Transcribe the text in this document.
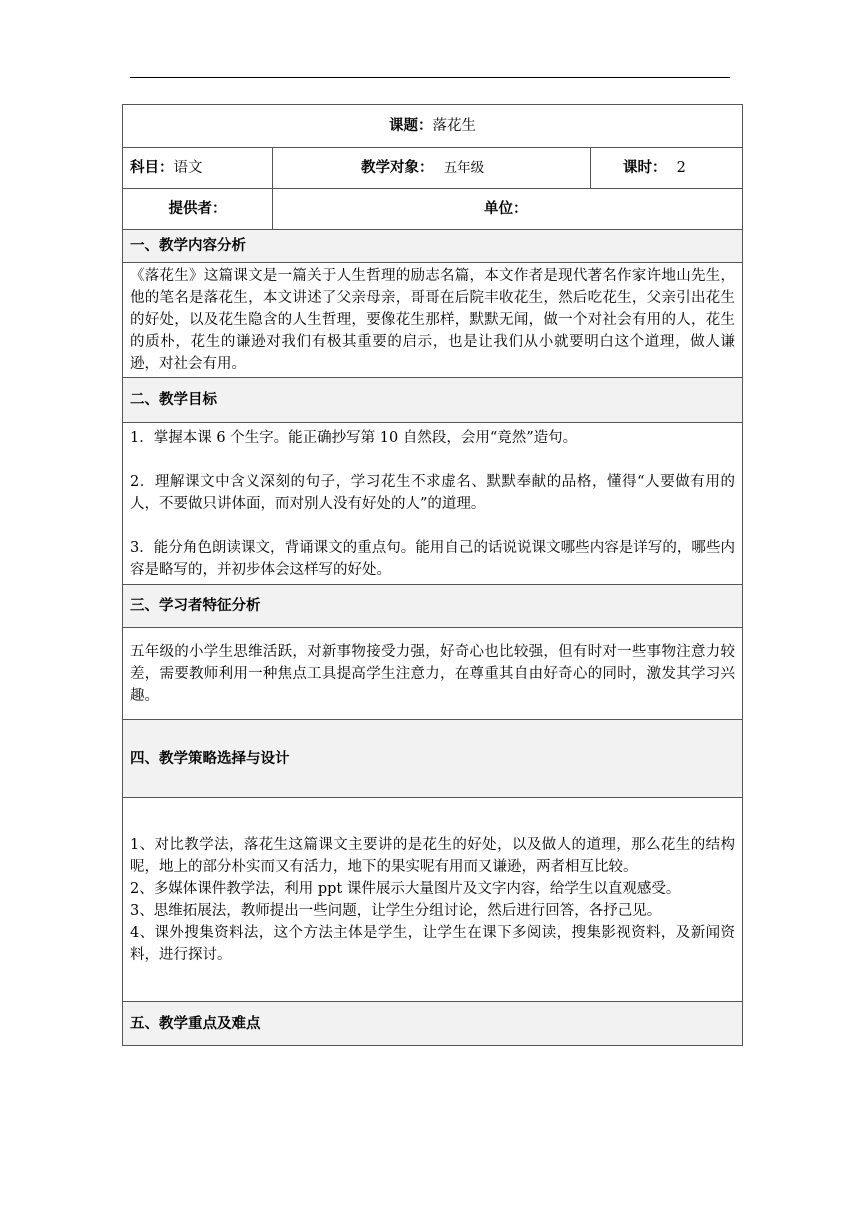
课题：落花生		
科目：语文	教学对象： 五年级	课时： 2
提供者：	单位：	
一、教学内容分析		
《落花生》这篇课文是一篇关于人生哲理的励志名篇，本文作者是现代著名作家许地山先生，他的笔名是落花生，本文讲述了父亲母亲，哥哥在后院丰收花生，然后吃花生，父亲引出花生的好处，以及花生隐含的人生哲理，要像花生那样，默默无闻，做一个对社会有用的人，花生的质朴，花生的谦逊对我们有极其重要的启示，也是让我们从小就要明白这个道理，做人谦逊，对社会有用。		
二、教学目标		

1．掌握本课 6 个生字。能正确抄写第 10 自然段，会用“竟然”造句。

2．理解课文中含义深刻的句子，学习花生不求虚名、默默奉献的品格，懂得“人要做有用的人，不要做只讲体面，而对别人没有好处的人”的道理。

3．能分角色朗读课文，背诵课文的重点句。能用自己的话说说课文哪些内容是详写的，哪些内容是略写的，并初步体会这样写的好处。		

三、学习者特征分析		
五年级的小学生思维活跃，对新事物接受力强，好奇心也比较强，但有时对一些事物注意力较差，需要教师利用一种焦点工具提高学生注意力，在尊重其自由好奇心的同时，激发其学习兴趣。		
四、教学策略选择与设计		

1、对比教学法，落花生这篇课文主要讲的是花生的好处，以及做人的道理，那么花生的结构呢，地上的部分朴实而又有活力，地下的果实呢有用而又谦逊，两者相互比较。

2、多媒体课件教学法，利用 ppt 课件展示大量图片及文字内容，给学生以直观感受。

3、思维拓展法，教师提出一些问题，让学生分组讨论，然后进行回答，各抒己见。

4、课外搜集资料法，这个方法主体是学生，让学生在课下多阅读，搜集影视资料，及新闻资料，进行探讨。		

五、教学重点及难点		
